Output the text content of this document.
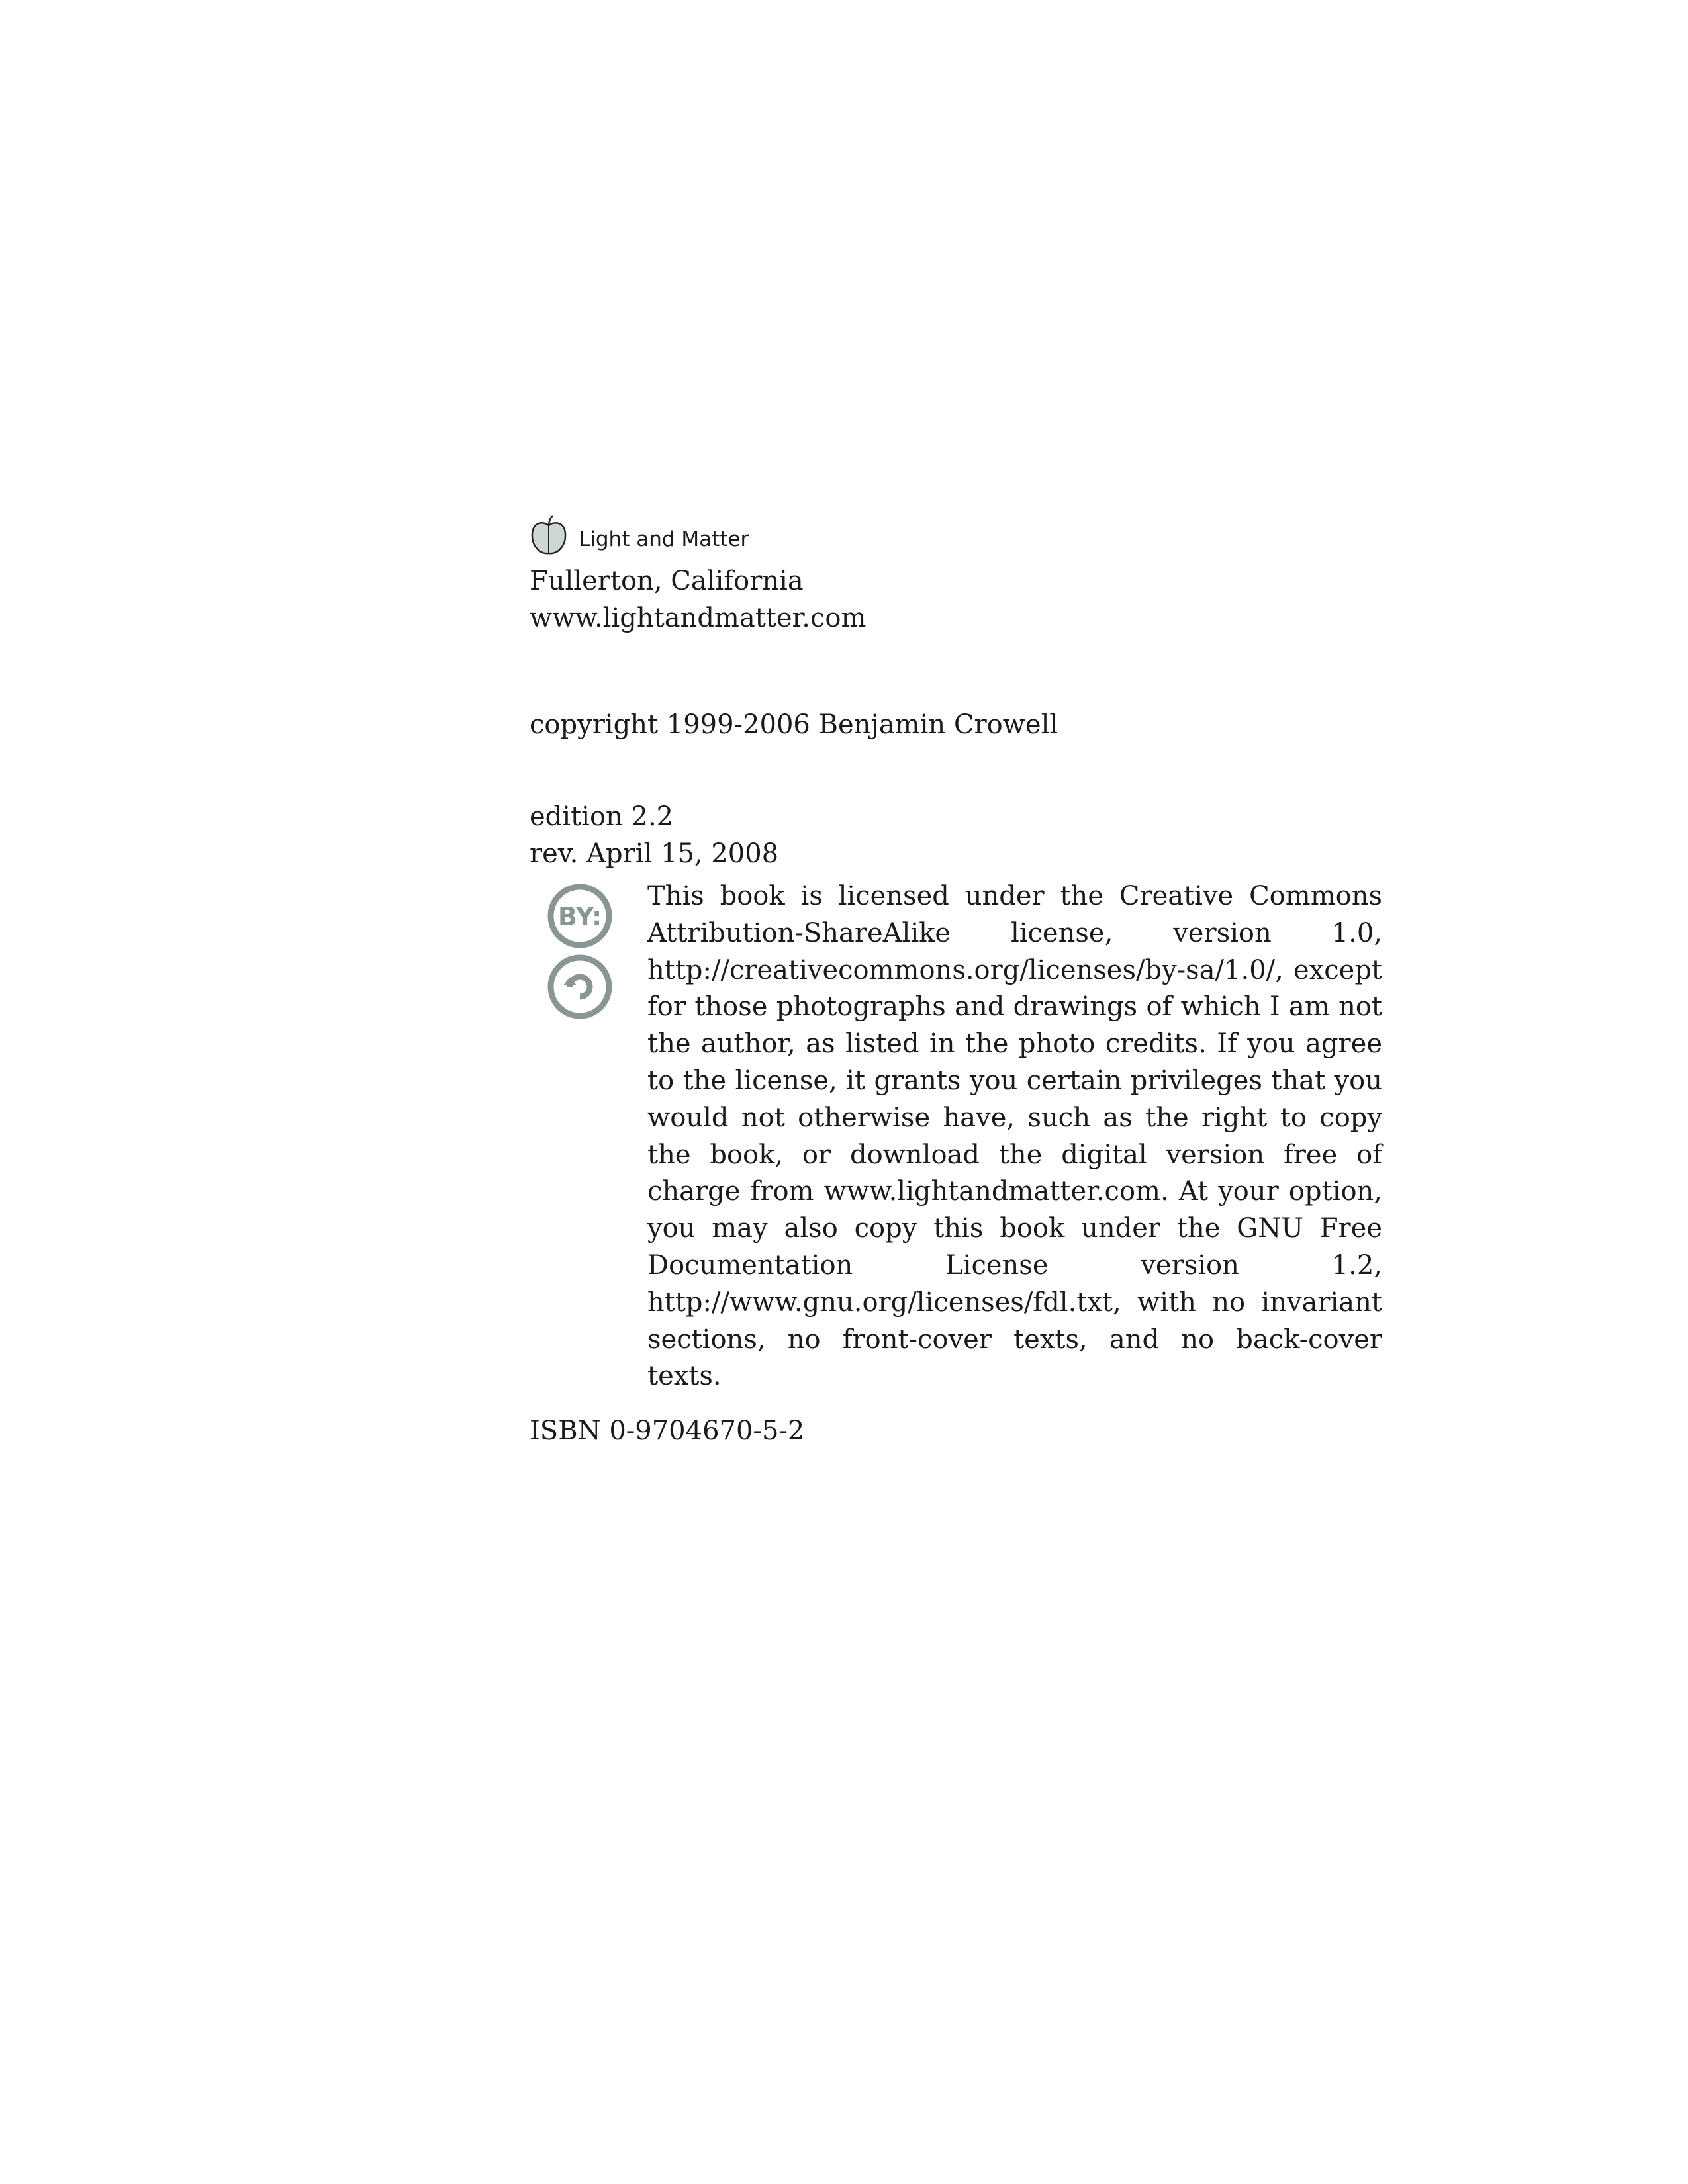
Light and Matter
Fullerton, California
www.lightandmatter.com
copyright 1999-2006 Benjamin Crowell
edition 2.2
rev. April 15, 2008
BY:
This book is licensed under the Creative Commons Attribution-ShareAlike license, version 1.0, http://creativecommons.org/licenses/by-sa/1.0/, except for those photographs and drawings of which I am not the author, as listed in the photo credits. If you agree to the license, it grants you certain privileges that you would not otherwise have, such as the right to copy the book, or download the digital version free of charge from www.lightandmatter.com. At your option, you may also copy this book under the GNU Free Documentation License version 1.2, http://www.gnu.org/licenses/fdl.txt, with no invariant sections, no front-cover texts, and no back-cover texts.
ISBN 0-9704670-5-2
